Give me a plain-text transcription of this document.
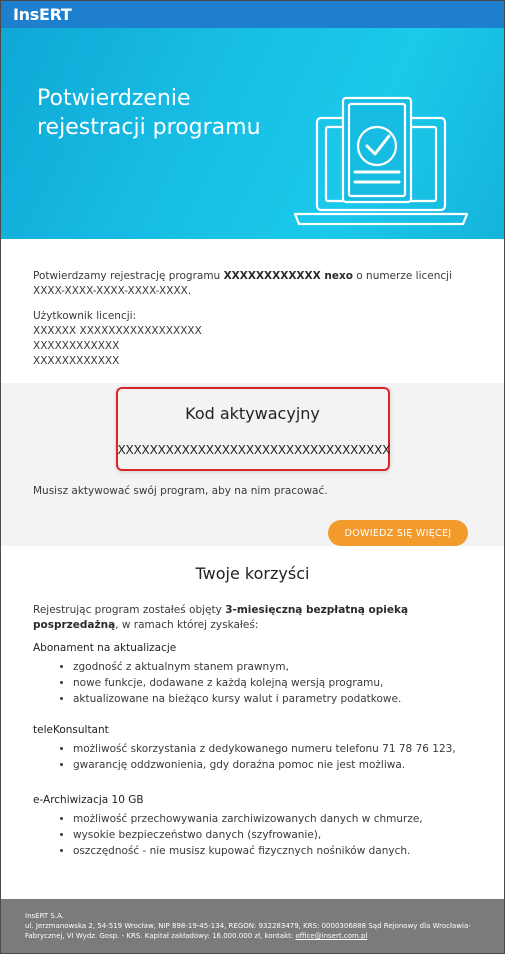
InsERT
Potwierdzenie rejestracji programu

Potwierdzamy rejestrację programu XXXXXXXXXXXX nexo o numerze licencji
XXXX-XXXX-XXXX-XXXX-XXXX.

Użytkownik licencji:
XXXXXX XXXXXXXXXXXXXXXXX
XXXXXXXXXXXX
XXXXXXXXXXXX
Kod aktywacyjny
XXXXXXXXXXXXXXXXXXXXXXXXXXXXXXXXXX
Musisz aktywować swój program, aby na nim pracować.
DOWIEDZ SIĘ WIĘCEJ
Twoje korzyści

Rejestrując program zostałeś objęty 3-miesięczną bezpłatną opieką posprzedażną, w ramach której zyskałeś:

Abonament na aktualizacje
• zgodność z aktualnym stanem prawnym,
• nowe funkcje, dodawane z każdą kolejną wersją programu,
• aktualizowane na bieżąco kursy walut i parametry podatkowe.
teleKonsultant
• możliwość skorzystania z dedykowanego numeru telefonu 71 78 76 123,
• gwarancję oddzwonienia, gdy doraźna pomoc nie jest możliwa.
e-Archiwizacja 10 GB
• możliwość przechowywania zarchiwizowanych danych w chmurze,
• wysokie bezpieczeństwo danych (szyfrowanie),
• oszczędność - nie musisz kupować fizycznych nośników danych.
InsERT S.A.
ul. Jerzmanowska 2, 54-519 Wrocław, NIP 898-19-45-134, REGON: 932283479, KRS: 0000306888 Sąd Rejonowy dla Wrocławia-Fabrycznej, VI Wydz. Gosp. - KRS. Kapitał zakładowy: 16.000.000 zł, kontakt: office@insert.com.pl
